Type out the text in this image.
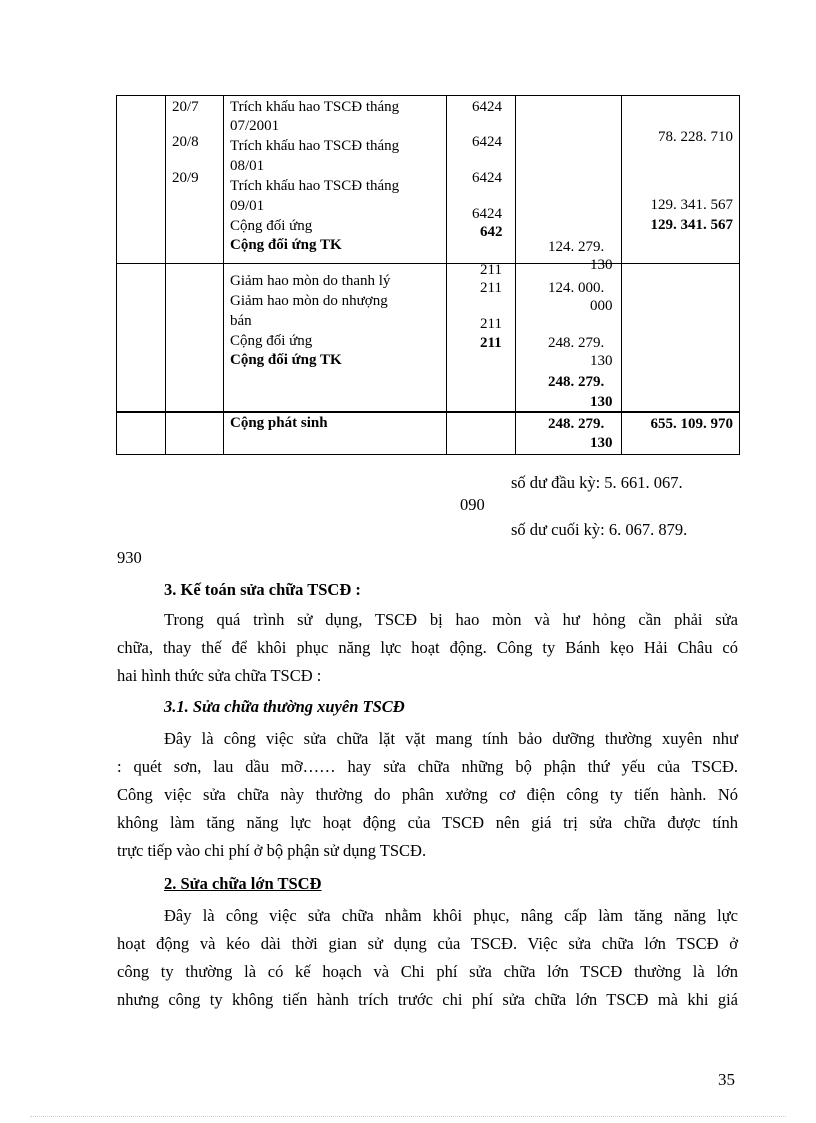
20/7
20/8
20/9
Trích khấu hao TSCĐ tháng
07/2001
Trích khấu hao TSCĐ tháng
08/01
Trích khấu hao TSCĐ tháng
09/01
Cộng đối ứng
Cộng đối ứng TK
6424
6424
6424
6424
642
124. 279.
130
78. 228. 710
129. 341. 567
129. 341. 567
Giảm hao mòn do thanh lý
Giảm hao mòn do nhượng
bán
Cộng đối ứng
Cộng đối ứng TK
211
211
211
211
124. 000.
000
248. 279.
130
248. 279.
130
Cộng phát sinh	248. 279.
130
655. 109. 970
số dư đầu kỳ: 5. 661. 067.
090
số dư cuối kỳ: 6. 067. 879.
930
3. Kế toán sửa chữa TSCĐ :
Trong quá trình sử dụng, TSCĐ bị hao mòn và hư hỏng cần phải sửa
chữa, thay thế để khôi phục năng lực hoạt động. Công ty Bánh kẹo Hải Châu có
hai hình thức sửa chữa TSCĐ :
3.1. Sửa chữa thường xuyên TSCĐ
Đây là công việc sửa chữa lặt vặt mang tính bảo dưỡng thường xuyên như
: quét sơn, lau dầu mỡ…… hay sửa chữa những bộ phận thứ yếu của TSCĐ.
Công việc sửa chữa này thường do phân xưởng cơ điện công ty tiến hành. Nó
không làm tăng năng lực hoạt động của TSCĐ nên giá trị sửa chữa được tính
trực tiếp vào chi phí ở bộ phận sử dụng TSCĐ.
2. Sửa chữa lớn TSCĐ
Đây là công việc sửa chữa nhằm khôi phục, nâng cấp làm tăng năng lực
hoạt động và kéo dài thời gian sử dụng của TSCĐ. Việc sửa chữa lớn TSCĐ ở
công ty thường là có kế hoạch và Chi phí sửa chữa lớn TSCĐ thường là lớn
nhưng công ty không tiến hành trích trước chi phí sửa chữa lớn TSCĐ mà khi giá
35
